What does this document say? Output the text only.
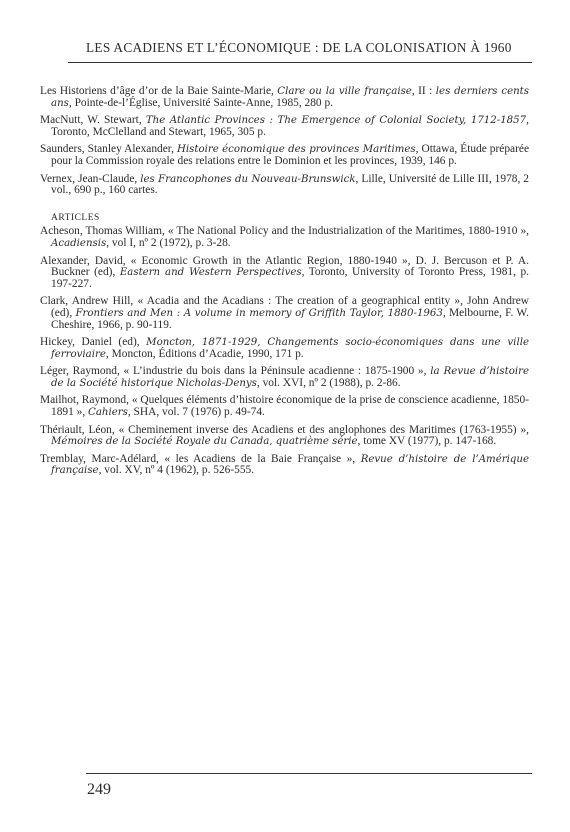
LES ACADIENS ET L’ÉCONOMIQUE : DE LA COLONISATION À 1960

Les Historiens d’âge d’or de la Baie Sainte-Marie, Clare ou la ville française, II : les derniers cents ans, Pointe-de-l’Église, Université Sainte-Anne, 1985, 280 p.

MacNutt, W. Stewart, The Atlantic Provinces : The Emergence of Colonial Society, 1712-1857, Toronto, McClelland and Stewart, 1965, 305 p.

Saunders, Stanley Alexander, Histoire économique des provinces Maritimes, Ottawa, Étude préparée pour la Commission royale des relations entre le Dominion et les provinces, 1939, 146 p.

Vernex, Jean-Claude, les Francophones du Nouveau-Brunswick, Lille, Université de Lille III, 1978, 2 vol., 690 p., 160 cartes.

ARTICLES

Acheson, Thomas William, « The National Policy and the Industrialization of the Maritimes, 1880-1910 », Acadiensis, vol I, nº 2 (1972), p. 3-28.

Alexander, David, « Economic Growth in the Atlantic Region, 1880-1940 », D. J. Bercuson et P. A. Buckner (ed), Eastern and Western Perspectives, Toronto, University of Toronto Press, 1981, p. 197-227.

Clark, Andrew Hill, « Acadia and the Acadians : The creation of a geographical entity », John Andrew (ed), Frontiers and Men : A volume in memory of Griffith Taylor, 1880-1963, Melbourne, F. W. Cheshire, 1966, p. 90-119.

Hickey, Daniel (ed), Moncton, 1871-1929, Changements socio-économiques dans une ville ferroviaire, Moncton, Éditions d’Acadie, 1990, 171 p.

Léger, Raymond, « L’industrie du bois dans la Péninsule acadienne : 1875-1900 », la Revue d’histoire de la Société historique Nicholas-Denys, vol. XVI, nº 2 (1988), p. 2-86.

Mailhot, Raymond, « Quelques éléments d’histoire économique de la prise de conscience acadienne, 1850-1891 », Cahiers, SHA, vol. 7 (1976) p. 49-74.

Thériault, Léon, « Cheminement inverse des Acadiens et des anglophones des Maritimes (1763-1955) », Mémoires de la Société Royale du Canada, quatrième série, tome XV (1977), p. 147-168.

Tremblay, Marc-Adélard, « les Acadiens de la Baie Française », Revue d’histoire de l’Amérique française, vol. XV, nº 4 (1962), p. 526-555.

249
